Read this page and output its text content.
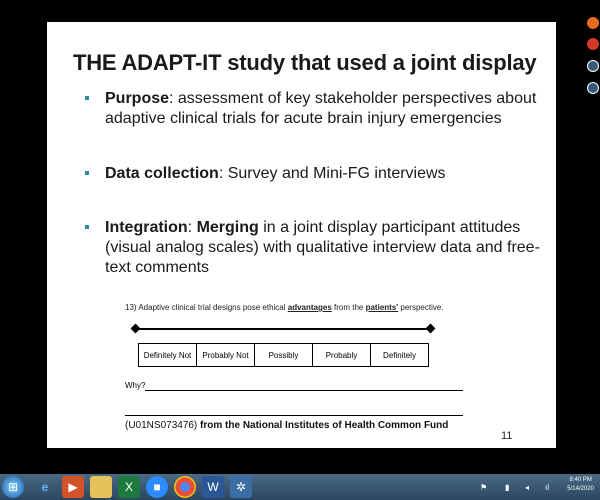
THE ADAPT-IT study that used a joint display
Purpose: assessment of key stakeholder perspectives about adaptive clinical trials for acute brain injury emergencies
Data collection: Survey and Mini-FG interviews
Integration: Merging in a joint display participant attitudes (visual analog scales) with qualitative interview data and free-text comments
13) Adaptive clinical trial designs pose ethical advantages from the patients' perspective.
Definitely Not	Probably Not	Possibly	Probably	Definitely
Why?
(U01NS073476) from the National Institutes of Health Common Fund
11
⊞	e	▶	X	■	W	✲	⚑ ▮ ◂ ıl
8:40 PM
5/14/2020
